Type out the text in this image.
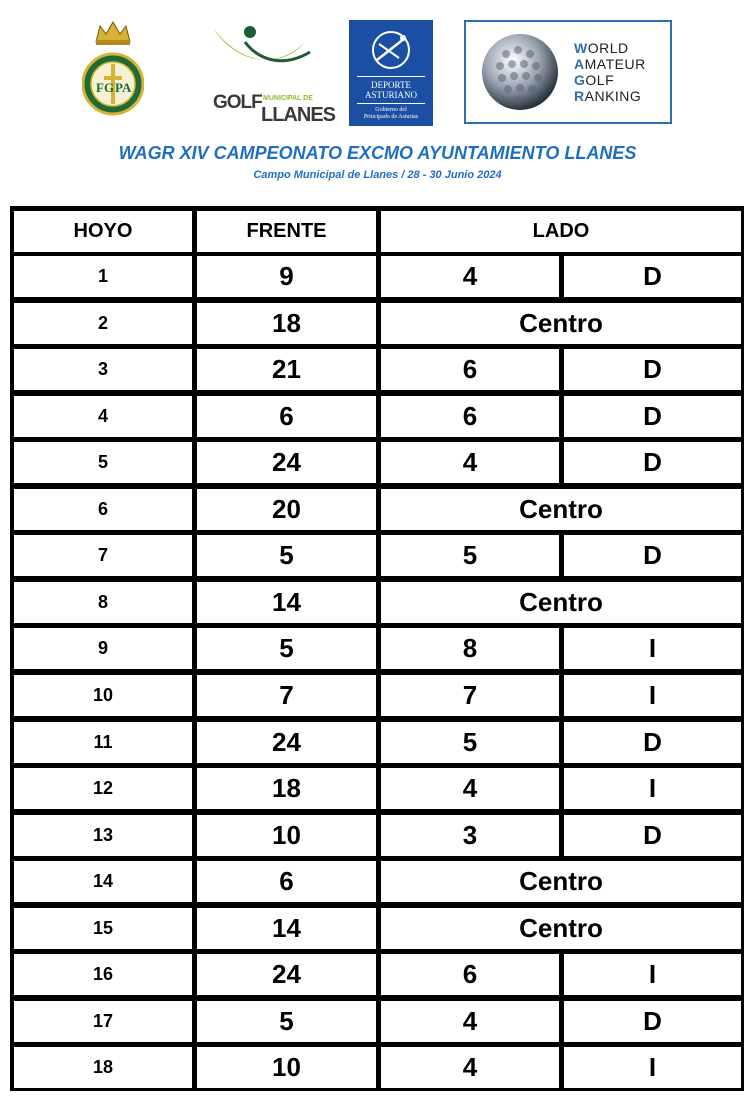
FG PA
GOLF MUNICIPAL DE
LLANES
DEPORTE
ASTURIANO
Gobierno del
Principado de Asturias
WORLD
AMATEUR
GOLF
RANKING
WAGR XIV CAMPEONATO EXCMO AYUNTAMIENTO LLANES
Campo Municipal de Llanes / 28 - 30 Junio 2024
HOYO	FRENTE	LADO
1	9	4	D
2	18	Centro
3	21	6	D
4	6	6	D
5	24	4	D
6	20	Centro
7	5	5	D
8	14	Centro
9	5	8	I
10	7	7	I
11	24	5	D
12	18	4	I
13	10	3	D
14	6	Centro
15	14	Centro
16	24	6	I
17	5	4	D
18	10	4	I
